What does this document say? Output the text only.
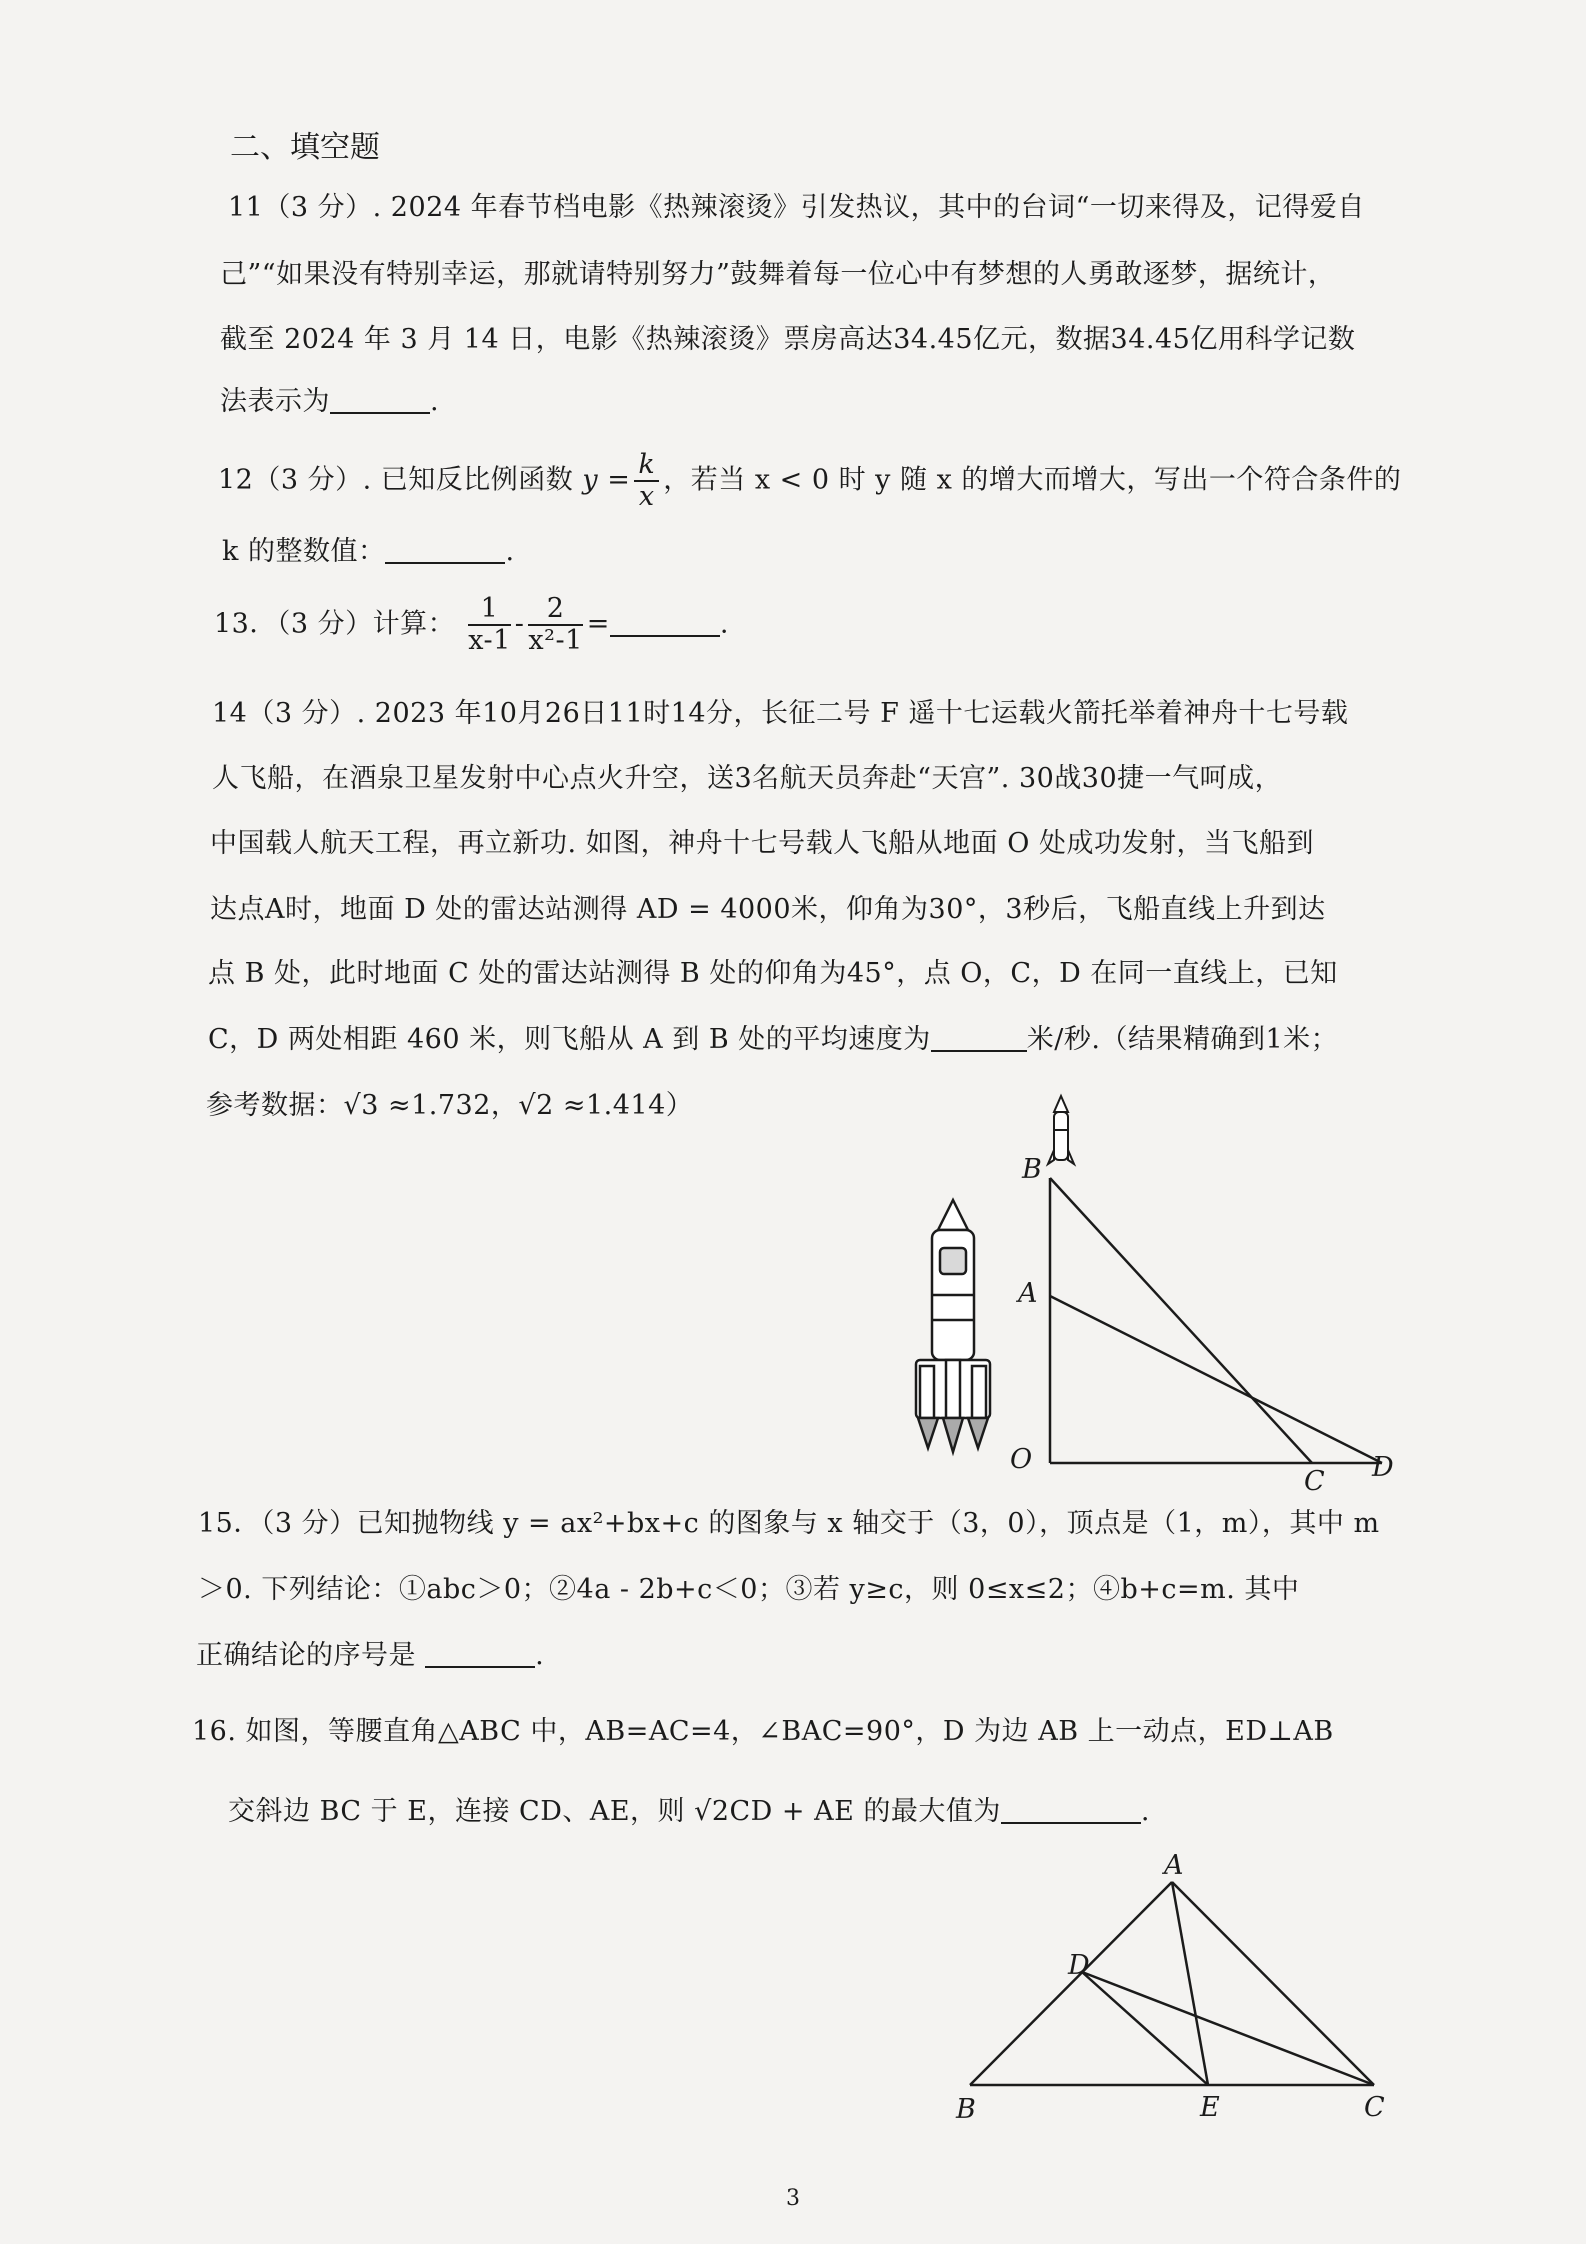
二、填空题
11（3 分）. 2024 年春节档电影《热辣滚烫》引发热议，其中的台词“一切来得及，记得爱自
己”“如果没有特别幸运，那就请特别努力”鼓舞着每一位心中有梦想的人勇敢逐梦，据统计，
截至 2024 年 3 月 14 日，电影《热辣滚烫》票房高达34.45亿元，数据34.45亿用科学记数
法表示为	.
12（3 分）. 已知反比例函数 $y = \frac{k}{x}$ ，若当 x < 0 时 y 随 x 的增大而增大，写出一个符合条件的
k 的整数值：	.
13．（3 分）计算： $\frac{1}{x-1} - \frac{2}{\text{x²-1}}$ =	.
14（3 分）. 2023 年10月26日11时14分，长征二号 F 遥十七运载火箭托举着神舟十七号载
人飞船，在酒泉卫星发射中心点火升空，送3名航天员奔赴“天宫”. 30战30捷一气呵成，
中国载人航天工程，再立新功. 如图，神舟十七号载人飞船从地面 O 处成功发射，当飞船到
达点A时，地面 D 处的雷达站测得 AD = 4000米，仰角为30°，3秒后，飞船直线上升到达
点 B 处，此时地面 C 处的雷达站测得 B 处的仰角为45°，点 O，C，D 在同一直线上，已知
C，D 两处相距 460 米，则飞船从 A 到 B 处的平均速度为	米/秒.（结果精确到1米；
参考数据：√3 ≈1.732，√2 ≈1.414）
B
A
O
C D
15．（3 分）已知抛物线 y = ax²+bx+c 的图象与 x 轴交于（3，0），顶点是（1，m），其中 m
＞0. 下列结论：①abc＞0；②4a - 2b+c＜0；③若 y≥c，则 0≤x≤2；④b+c=m. 其中
正确结论的序号是	.
16. 如图，等腰直角△ABC 中，AB=AC=4，∠BAC=90°，D 为边 AB 上一动点，ED⊥AB
交斜边 BC 于 E，连接 CD、AE，则 √2CD + AE 的最大值为	.
A
D
B	E	C
3
